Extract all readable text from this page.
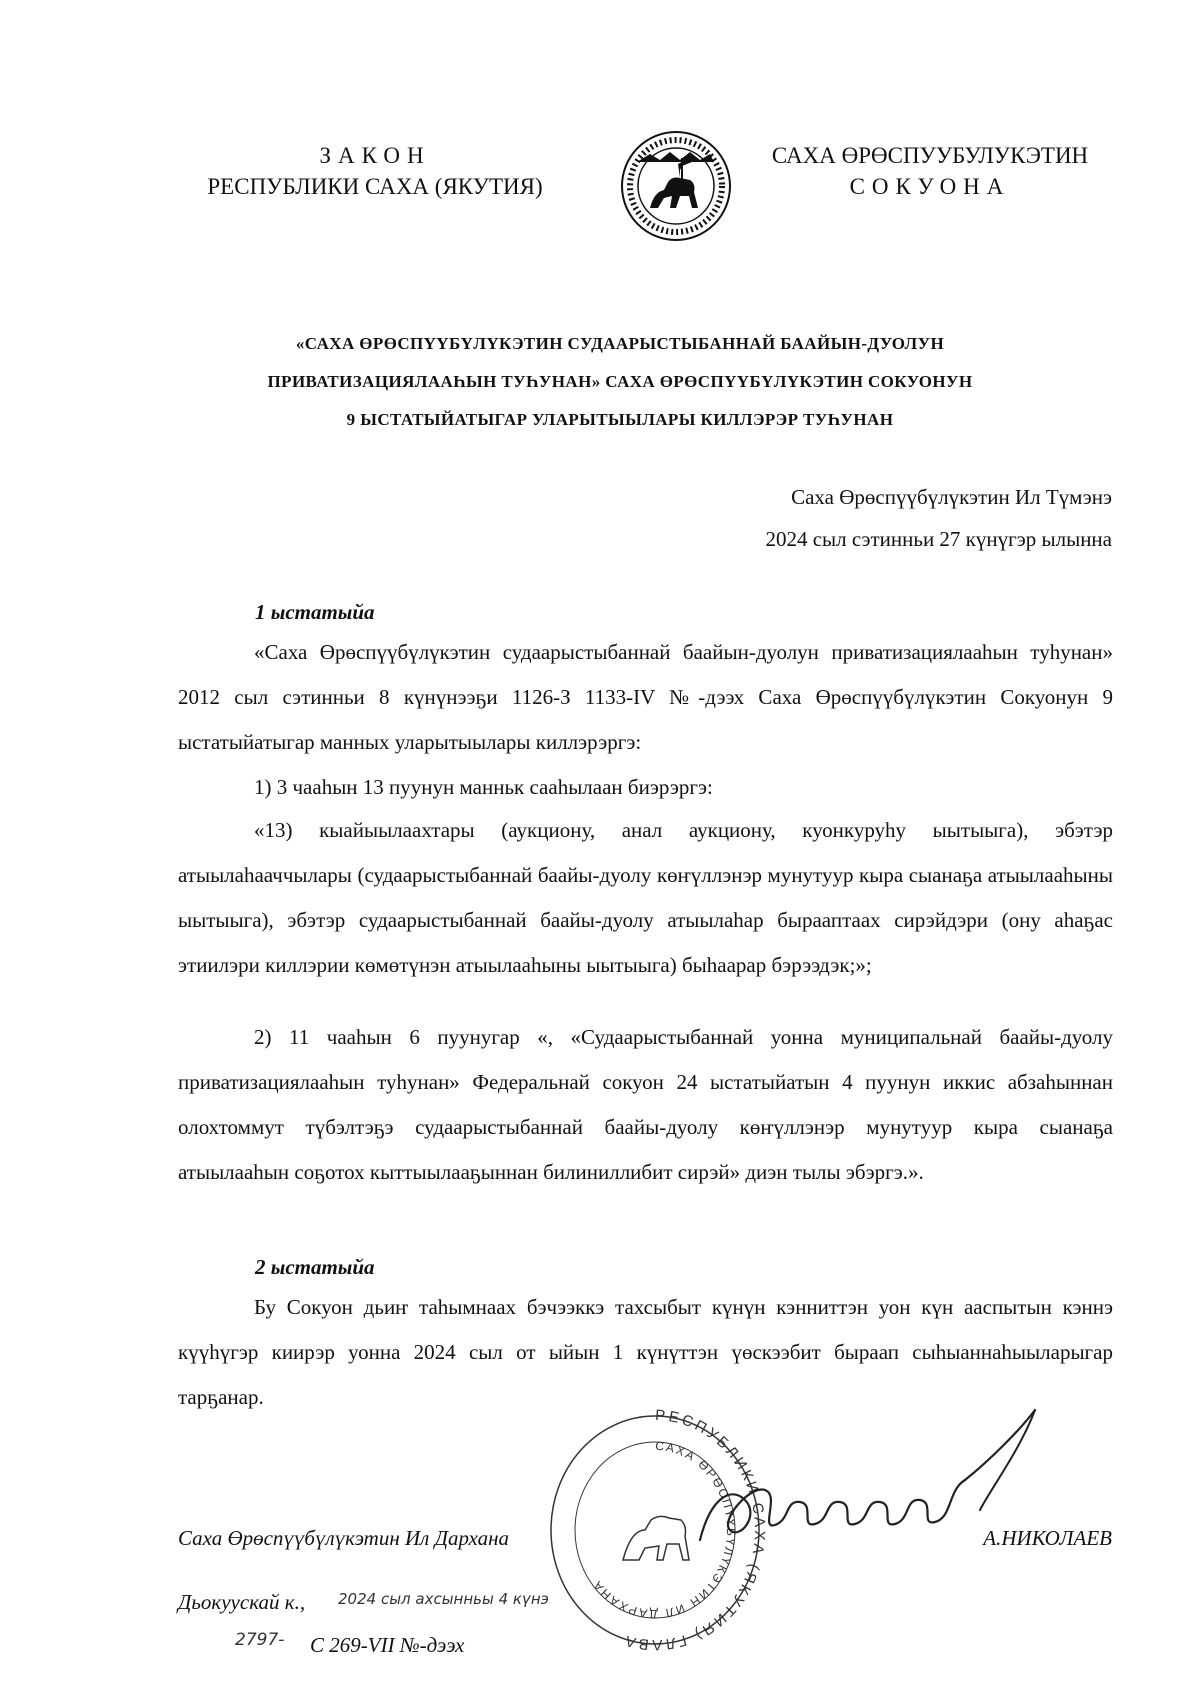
ЗАКОН
РЕСПУБЛИКИ САХА (ЯКУТИЯ)
САХА ӨРӨСПУУБУЛУКЭТИН
СОКУОНА
«САХА ӨРӨСПҮҮБҮЛҮКЭТИН СУДААРЫСТЫБАННАЙ БААЙЫН-ДУОЛУН
ПРИВАТИЗАЦИЯЛААҺЫН ТУҺУНАН» САХА ӨРӨСПҮҮБҮЛҮКЭТИН СОКУОНУН
9 ЫСТАТЫЙАТЫГАР УЛАРЫТЫЫЛАРЫ КИЛЛЭРЭР ТУҺУНАН
Саха Өрөспүүбүлүкэтин Ил Түмэнэ
2024 сыл сэтинньи 27 күнүгэр ылынна
1 ыстатыйа
«Саха Өрөспүүбүлүкэтин судаарыстыбаннай баайын-дуолун приватизациялааһын туһунан» 2012 сыл сэтинньи 8 күнүнээҕи 1126-З 1133-IV №-дээх Саха Өрөспүүбүлүкэтин Сокуонун 9 ыстатыйатыгар манных уларытыылары киллэрэргэ:
1) 3 чааһын 13 пуунун манньк сааһылаан биэрэргэ:
«13) кыайыылаахтары (аукциону, анал аукциону, куонкуруһу ыытыыга), эбэтэр атыылаһааччылары (судаарыстыбаннай баайы-дуолу көҥүллэнэр мунутуур кыра сыанаҕа атыылааһыны ыытыыга), эбэтэр судаарыстыбаннай баайы-дуолу атыылаһар бырааптаах сирэйдэри (ону аһаҕас этиилэри киллэрии көмөтүнэн атыылааһыны ыытыыга) быһаарар бэрээдэк;»;
2) 11 чааһын 6 пуунугар «, «Судаарыстыбаннай уонна муниципальнай баайы-дуолу приватизациялааһын туһунан» Федеральнай сокуон 24 ыстатыйатын 4 пуунун иккис абзаһыннан олохтоммут түбэлтэҕэ судаарыстыбаннай баайы-дуолу көҥүллэнэр мунутуур кыра сыанаҕа атыылааһын соҕотох кыттыылааҕыннан билиниллибит сирэй» диэн тылы эбэргэ.».
2 ыстатыйа
Бу Сокуон дьиҥ таһымнаах бэчээккэ тахсыбыт күнүн кэнниттэн уон күн ааспытын кэннэ күүһүгэр киирэр уонна 2024 сыл от ыйын 1 күнүттэн үөскээбит быраап сыһыаннаһыыларыгар тарҕанар.
РЕСПУБЛИКИ САХА (ЯКУТИЯ) ГЛАВА
САХА ӨРӨСПҮҮБҮЛҮКЭТИН ИЛ ДАРХАНА
Саха Өрөспүүбүлүкэтин Ил Дарханa	А.НИКОЛАЕВ
Дьокуускай к., 2024 сыл ахсынньы 4 күнэ
2797- С 269-VII №-дээх
